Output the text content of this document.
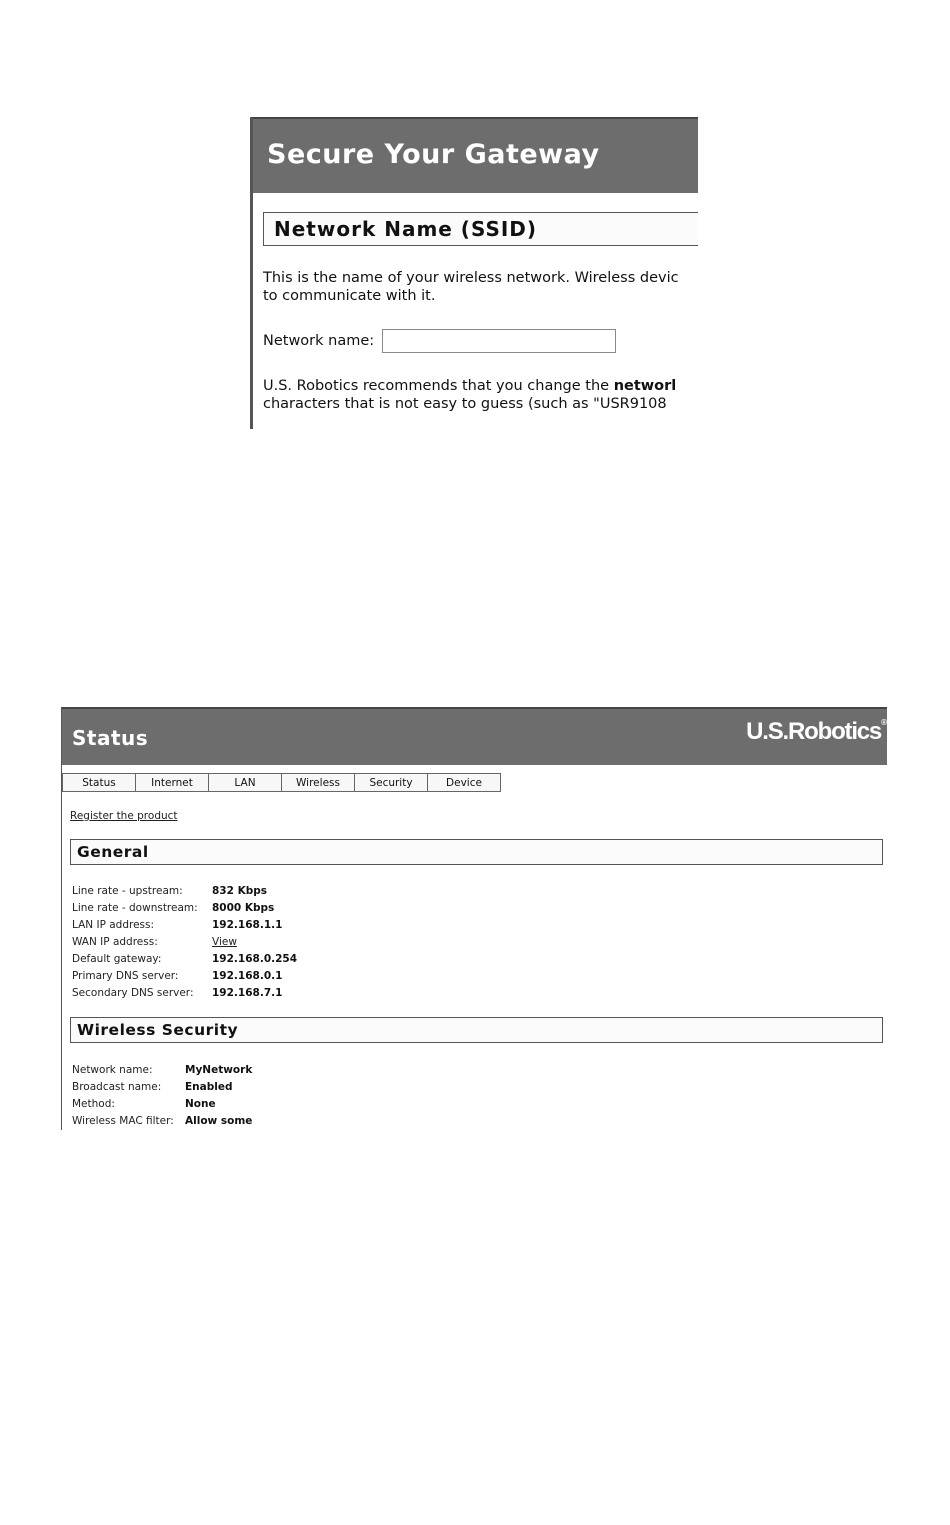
Secure Your Gateway
Network Name (SSID)

This is the name of your wireless network. Wireless devic
to communicate with it.

Network name:

U.S. Robotics recommends that you change the networl
characters that is not easy to guess (such as "USR9108

Status	U.S.Robotics®
Status	Internet	LAN	Wireless	Security	Device
Register the product
General
Line rate - upstream:	832 Kbps
Line rate - downstream:	8000 Kbps
LAN IP address:	192.168.1.1
WAN IP address:	View
Default gateway:	192.168.0.254
Primary DNS server:	192.168.0.1
Secondary DNS server:	192.168.7.1
Wireless Security
Network name:	MyNetwork
Broadcast name:	Enabled
Method:	None
Wireless MAC filter:	Allow some
